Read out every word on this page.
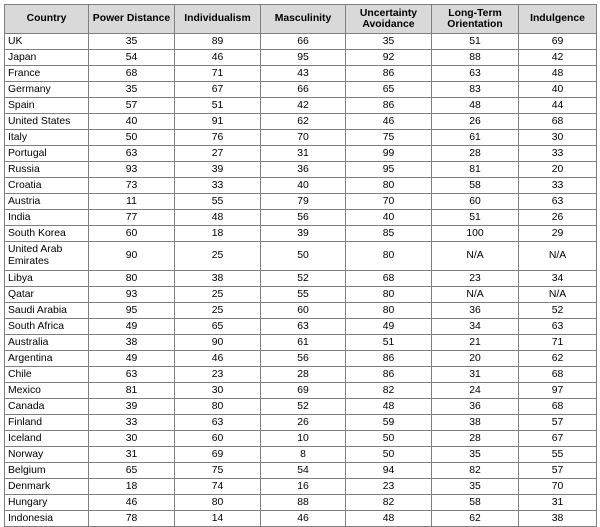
Country	Power Distance	Individualism	Masculinity	Uncertainty Avoidance	Long-Term Orientation	Indulgence
UK	35	89	66	35	51	69
Japan	54	46	95	92	88	42
France	68	71	43	86	63	48
Germany	35	67	66	65	83	40
Spain	57	51	42	86	48	44
United States	40	91	62	46	26	68
Italy	50	76	70	75	61	30
Portugal	63	27	31	99	28	33
Russia	93	39	36	95	81	20
Croatia	73	33	40	80	58	33
Austria	11	55	79	70	60	63
India	77	48	56	40	51	26
South Korea	60	18	39	85	100	29
United Arab Emirates	90	25	50	80	N/A	N/A
Libya	80	38	52	68	23	34
Qatar	93	25	55	80	N/A	N/A
Saudi Arabia	95	25	60	80	36	52
South Africa	49	65	63	49	34	63
Australia	38	90	61	51	21	71
Argentina	49	46	56	86	20	62
Chile	63	23	28	86	31	68
Mexico	81	30	69	82	24	97
Canada	39	80	52	48	36	68
Finland	33	63	26	59	38	57
Iceland	30	60	10	50	28	67
Norway	31	69	8	50	35	55
Belgium	65	75	54	94	82	57
Denmark	18	74	16	23	35	70
Hungary	46	80	88	82	58	31
Indonesia	78	14	46	48	62	38
